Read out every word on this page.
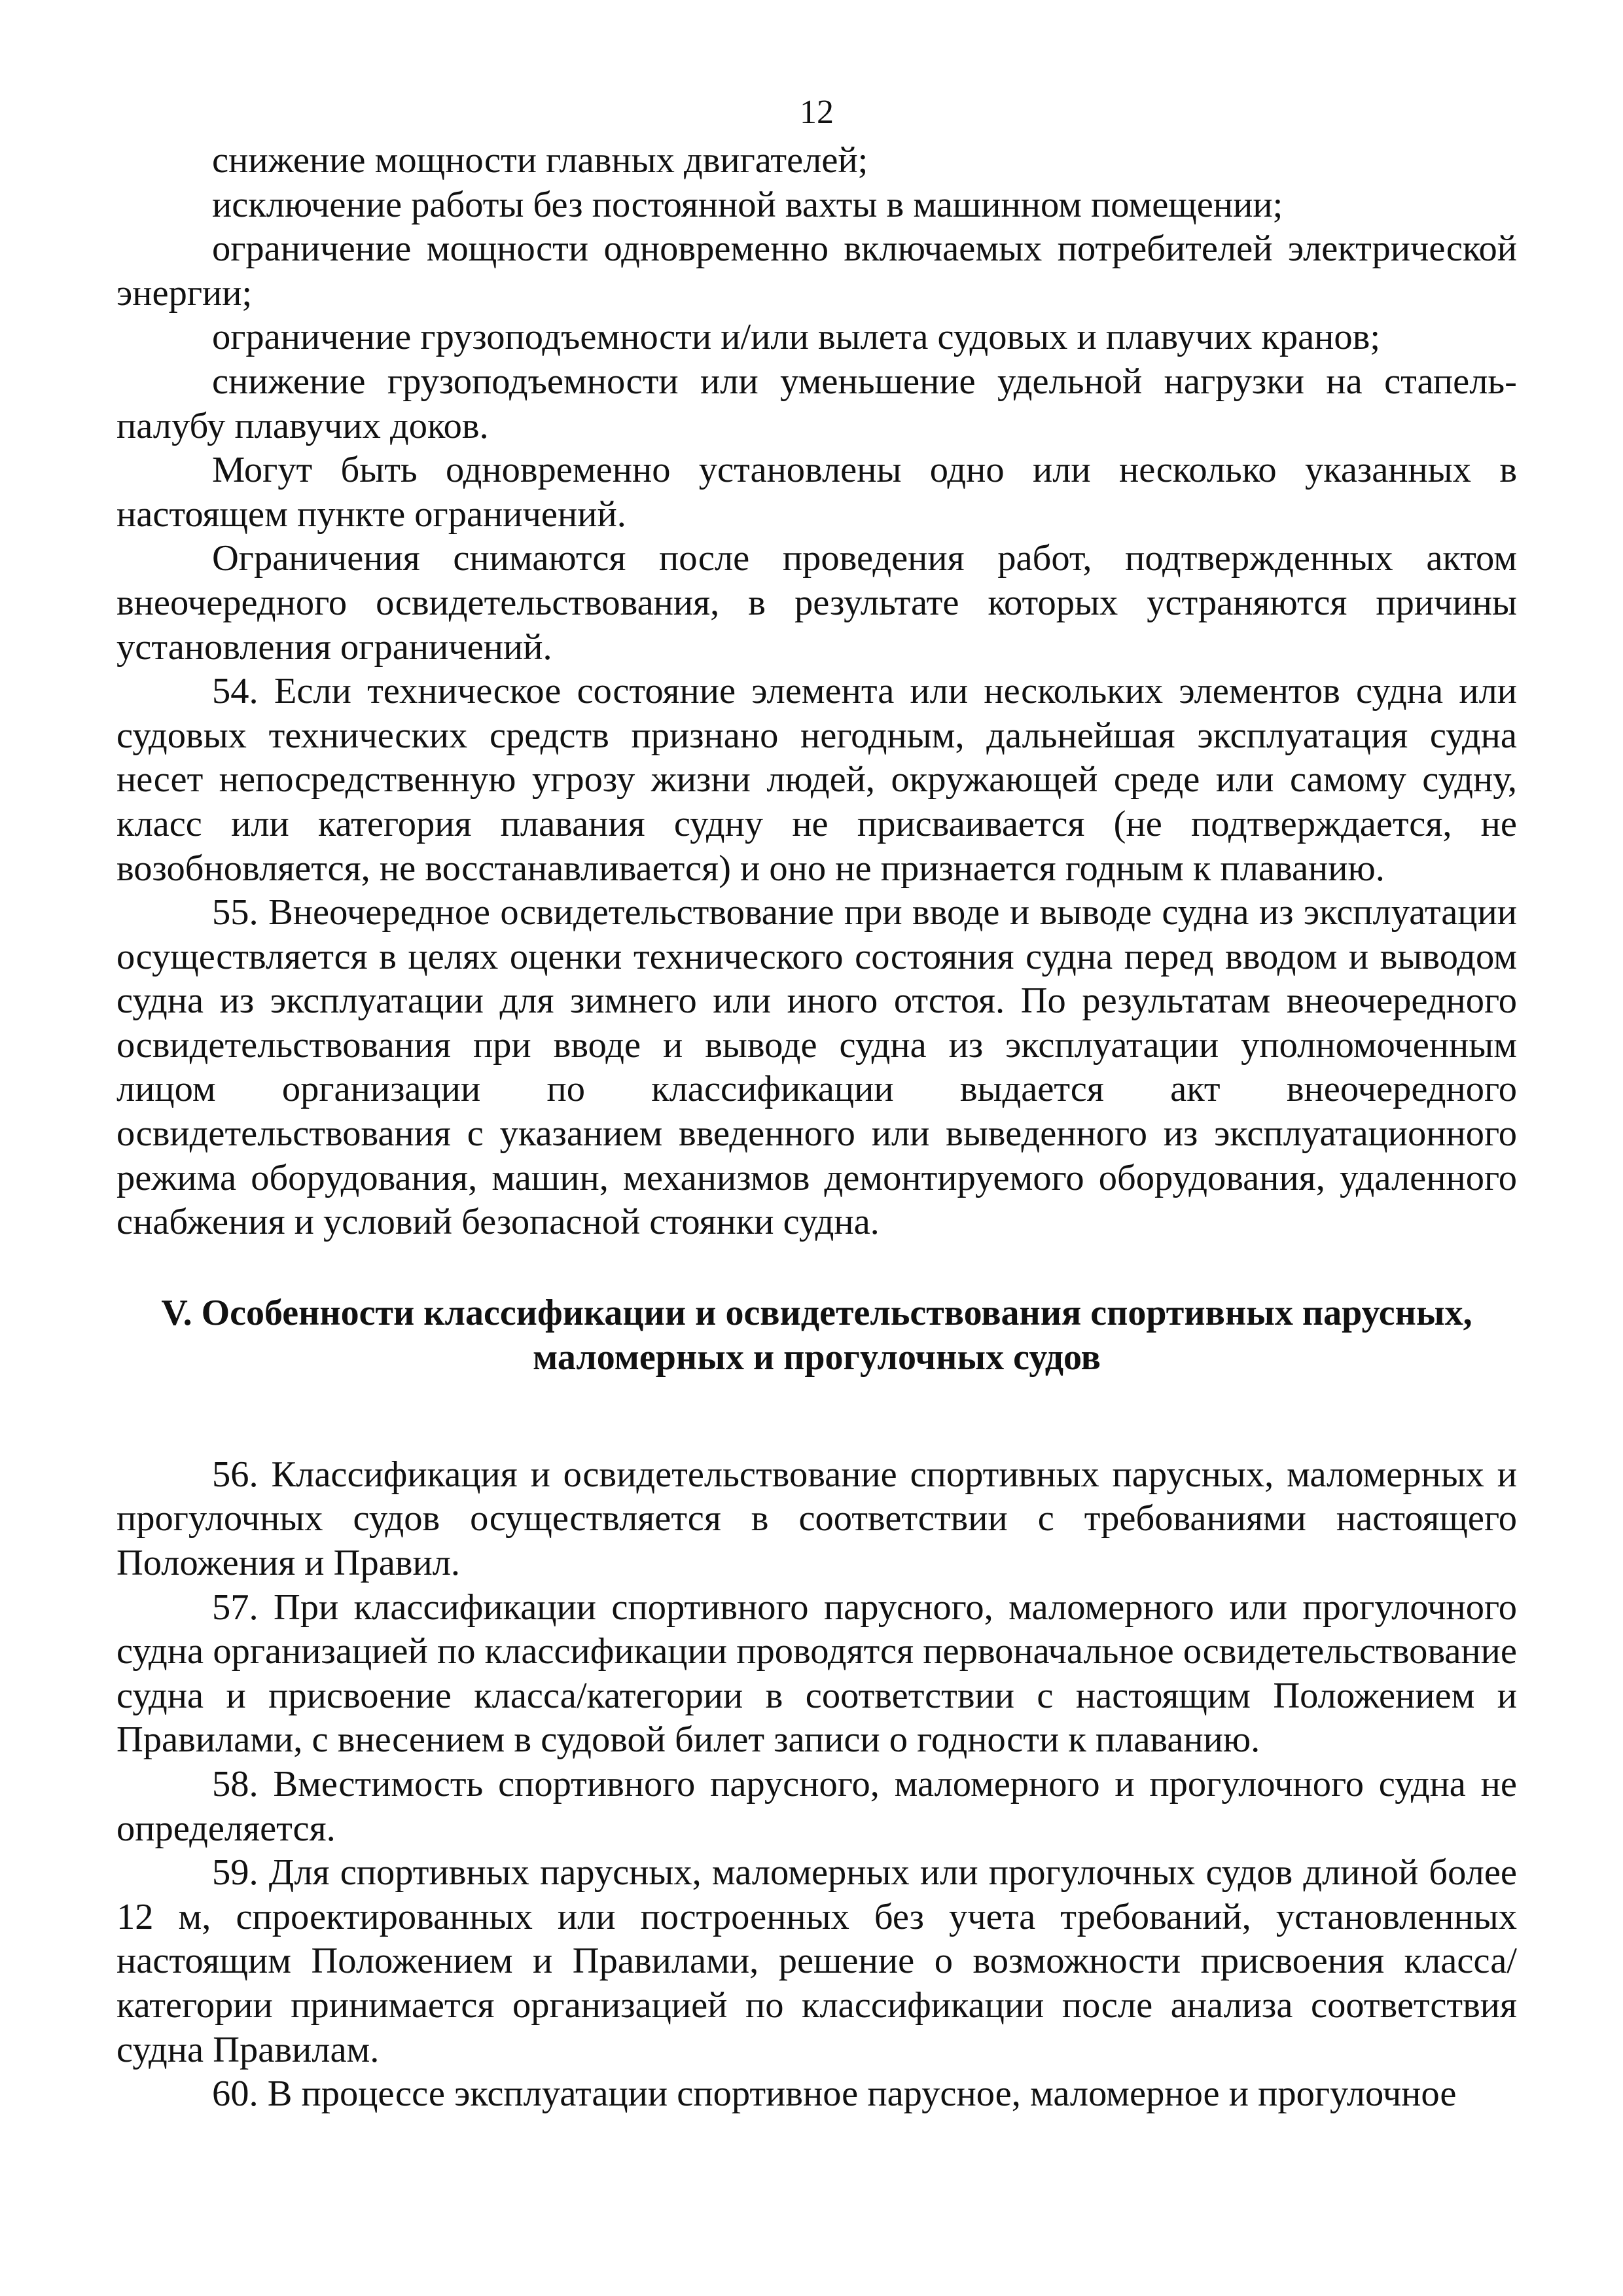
12

снижение мощности главных двигателей;

исключение работы без постоянной вахты в машинном помещении;

ограничение мощности одновременно включаемых потребителей электрической энергии;

ограничение грузоподъемности и/или вылета судовых и плавучих кранов;

снижение грузоподъемности или уменьшение удельной нагрузки на стапель-палубу плавучих доков.

Могут быть одновременно установлены одно или несколько указанных в настоящем пункте ограничений.

Ограничения снимаются после проведения работ, подтвержденных актом внеочередного освидетельствования, в результате которых устраняются причины установления ограничений.

54. Если техническое состояние элемента или нескольких элементов судна или судовых технических средств признано негодным, дальнейшая эксплуатация судна несет непосредственную угрозу жизни людей, окружающей среде или самому судну, класс или категория плавания судну не присваивается (не подтверждается, не возобновляется, не восстанавливается) и оно не признается годным к плаванию.

55. Внеочередное освидетельствование при вводе и выводе судна из эксплуатации осуществляется в целях оценки технического состояния судна перед вводом и выводом судна из эксплуатации для зимнего или иного отстоя. По результатам внеочередного освидетельствования при вводе и выводе судна из эксплуатации уполномоченным лицом организации по классификации выдается акт внеочередного освидетельствования с указанием введенного или выведенного из эксплуатационного режима оборудования, машин, механизмов демонтируемого оборудования, удаленного снабжения и условий безопасной стоянки судна.

V. Особенности классификации и освидетельствования спортивных парусных,
маломерных и прогулочных судов

56. Классификация и освидетельствование спортивных парусных, маломерных и прогулочных судов осуществляется в соответствии с требованиями настоящего Положения и Правил.

57. При классификации спортивного парусного, маломерного или прогулочного судна организацией по классификации проводятся первоначальное освидетельствование судна и присвоение класса/категории в соответствии с настоящим Положением и Правилами, с внесением в судовой билет записи о годности к плаванию.

58. Вместимость спортивного парусного, маломерного и прогулочного судна не определяется.

59. Для спортивных парусных, маломерных или прогулочных судов длиной более 12 м, спроектированных или построенных без учета требований, установленных настоящим Положением и Правилами, решение о возможности присвоения класса/категории принимается организацией по классификации после анализа соответствия судна Правилам.

60. В процессе эксплуатации спортивное парусное, маломерное и прогулочное
